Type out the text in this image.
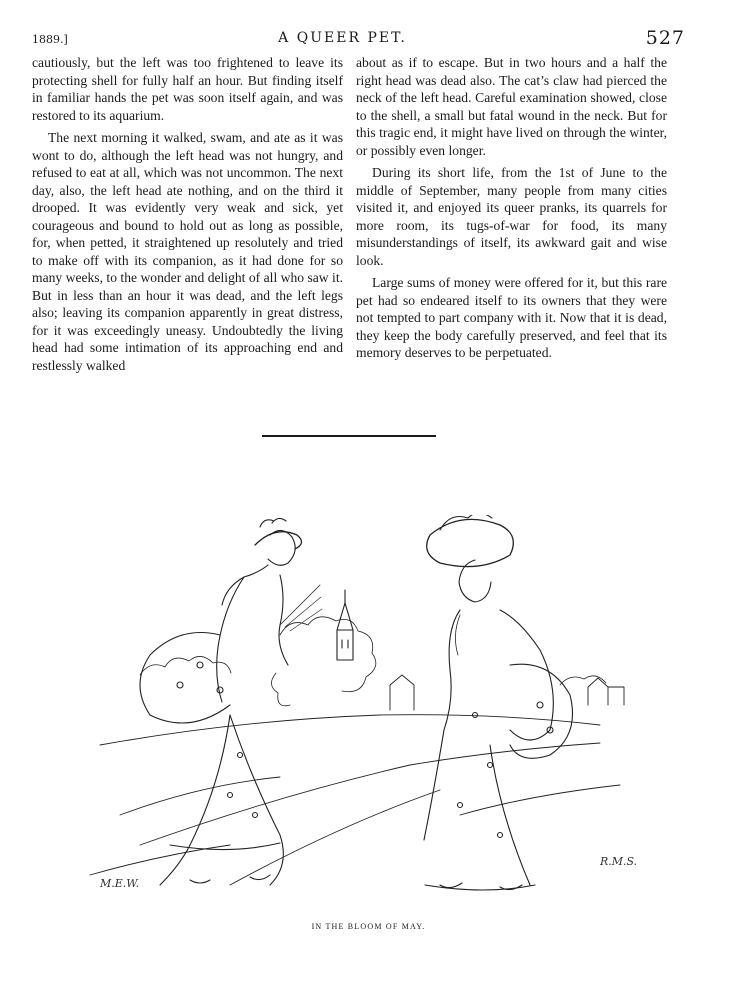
1889.]	A QUEER PET.	527

cautiously, but the left was too frightened to leave its protecting shell for fully half an hour. But finding itself in familiar hands the pet was soon itself again, and was restored to its aquarium.

The next morning it walked, swam, and ate as it was wont to do, although the left head was not hungry, and refused to eat at all, which was not uncommon. The next day, also, the left head ate nothing, and on the third it drooped. It was evidently very weak and sick, yet courageous and bound to hold out as long as possible, for, when petted, it straightened up resolutely and tried to make off with its companion, as it had done for so many weeks, to the wonder and delight of all who saw it. But in less than an hour it was dead, and the left legs also; leaving its companion apparently in great distress, for it was exceedingly uneasy. Undoubtedly the living head had some intimation of its approaching end and restlessly walked

about as if to escape. But in two hours and a half the right head was dead also. The cat’s claw had pierced the neck of the left head. Careful examination showed, close to the shell, a small but fatal wound in the neck. But for this tragic end, it might have lived on through the winter, or possibly even longer.

During its short life, from the 1st of June to the middle of September, many people from many cities visited it, and enjoyed its queer pranks, its quarrels for more room, its tugs-of-war for food, its many misunderstandings of itself, its awkward gait and wise look.

Large sums of money were offered for it, but this rare pet had so endeared itself to its owners that they were not tempted to part company with it. Now that it is dead, they keep the body carefully preserved, and feel that its memory deserves to be perpetuated.

M.E.W.
R.M.S.
IN THE BLOOM OF MAY.
